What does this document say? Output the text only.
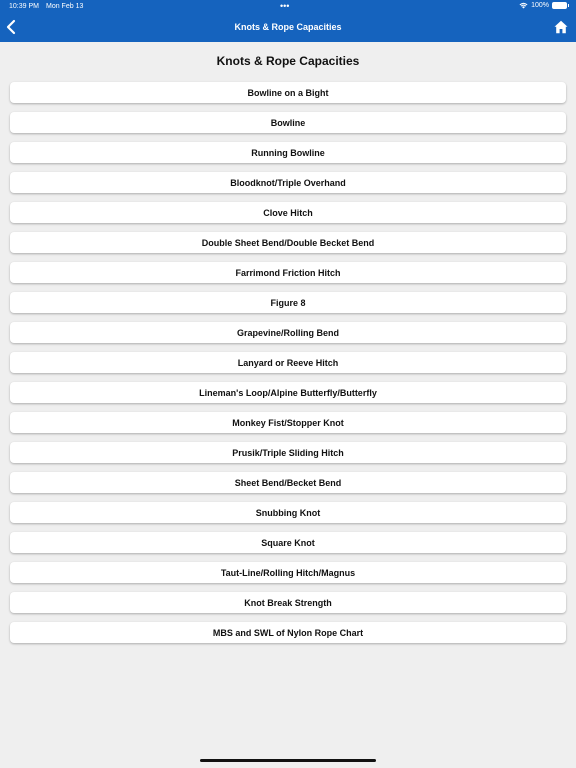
10:39 PM Mon Feb 13	•••	100%
Knots & Rope Capacities
Knots & Rope Capacities
Bowline on a Bight
Bowline
Running Bowline
Bloodknot/Triple Overhand
Clove Hitch
Double Sheet Bend/Double Becket Bend
Farrimond Friction Hitch
Figure 8
Grapevine/Rolling Bend
Lanyard or Reeve Hitch
Lineman's Loop/Alpine Butterfly/Butterfly
Monkey Fist/Stopper Knot
Prusik/Triple Sliding Hitch
Sheet Bend/Becket Bend
Snubbing Knot
Square Knot
Taut-Line/Rolling Hitch/Magnus
Knot Break Strength
MBS and SWL of Nylon Rope Chart
